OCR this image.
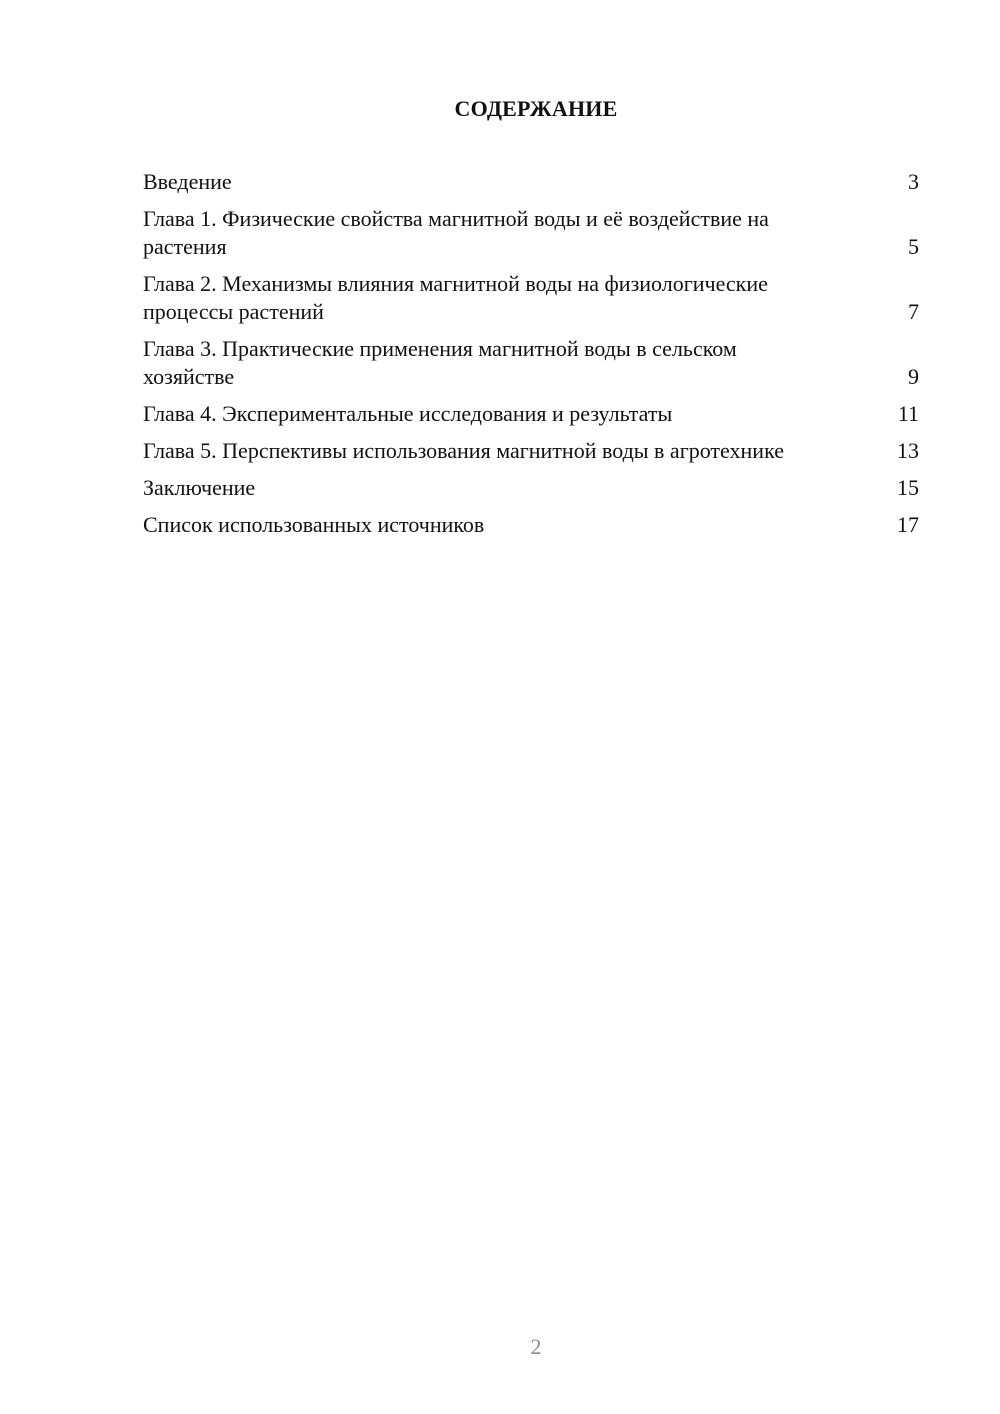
СОДЕРЖАНИЕ
Введение	3
Глава 1. Физические свойства магнитной воды и её воздействие на растения	5
Глава 2. Механизмы влияния магнитной воды на физиологические процессы растений	7
Глава 3. Практические применения магнитной воды в сельском хозяйстве	9
Глава 4. Экспериментальные исследования и результаты	11
Глава 5. Перспективы использования магнитной воды в агротехнике	13
Заключение	15
Список использованных источников	17
2
